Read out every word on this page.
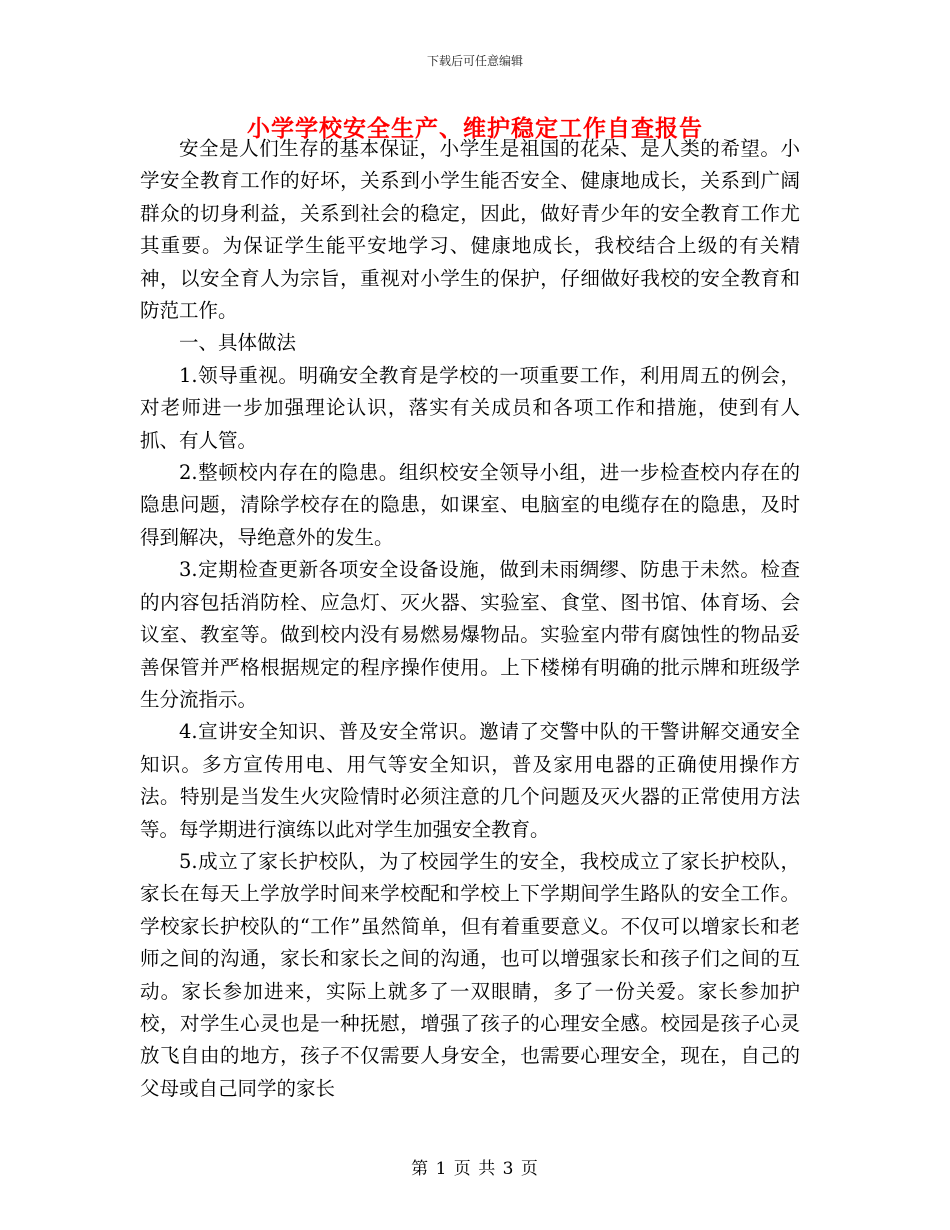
下载后可任意编辑
小学学校安全生产、维护稳定工作自查报告

安全是人们生存的基本保证，小学生是祖国的花朵、是人类的希望。小学安全教育工作的好坏，关系到小学生能否安全、健康地成长，关系到广阔群众的切身利益，关系到社会的稳定，因此，做好青少年的安全教育工作尤其重要。为保证学生能平安地学习、健康地成长，我校结合上级的有关精神，以安全育人为宗旨，重视对小学生的保护，仔细做好我校的安全教育和防范工作。

一、具体做法

1.领导重视。明确安全教育是学校的一项重要工作，利用周五的例会，对老师进一步加强理论认识，落实有关成员和各项工作和措施，使到有人抓、有人管。

2.整顿校内存在的隐患。组织校安全领导小组，进一步检查校内存在的隐患问题，清除学校存在的隐患，如课室、电脑室的电缆存在的隐患，及时得到解决，导绝意外的发生。

3.定期检查更新各项安全设备设施，做到未雨绸缪、防患于未然。检查的内容包括消防栓、应急灯、灭火器、实验室、食堂、图书馆、体育场、会议室、教室等。做到校内没有易燃易爆物品。实验室内带有腐蚀性的物品妥善保管并严格根据规定的程序操作使用。上下楼梯有明确的批示牌和班级学生分流指示。

4.宣讲安全知识、普及安全常识。邀请了交警中队的干警讲解交通安全知识。多方宣传用电、用气等安全知识，普及家用电器的正确使用操作方法。特别是当发生火灾险情时必须注意的几个问题及灭火器的正常使用方法等。每学期进行演练以此对学生加强安全教育。

5.成立了家长护校队，为了校园学生的安全，我校成立了家长护校队，家长在每天上学放学时间来学校配和学校上下学期间学生路队的安全工作。学校家长护校队的“工作”虽然简单，但有着重要意义。不仅可以增家长和老师之间的沟通，家长和家长之间的沟通，也可以增强家长和孩子们之间的互动。家长参加进来，实际上就多了一双眼睛，多了一份关爱。家长参加护校，对学生心灵也是一种抚慰，增强了孩子的心理安全感。校园是孩子心灵放飞自由的地方，孩子不仅需要人身安全，也需要心理安全，现在，自己的父母或自己同学的家长

第 1 页 共 3 页
